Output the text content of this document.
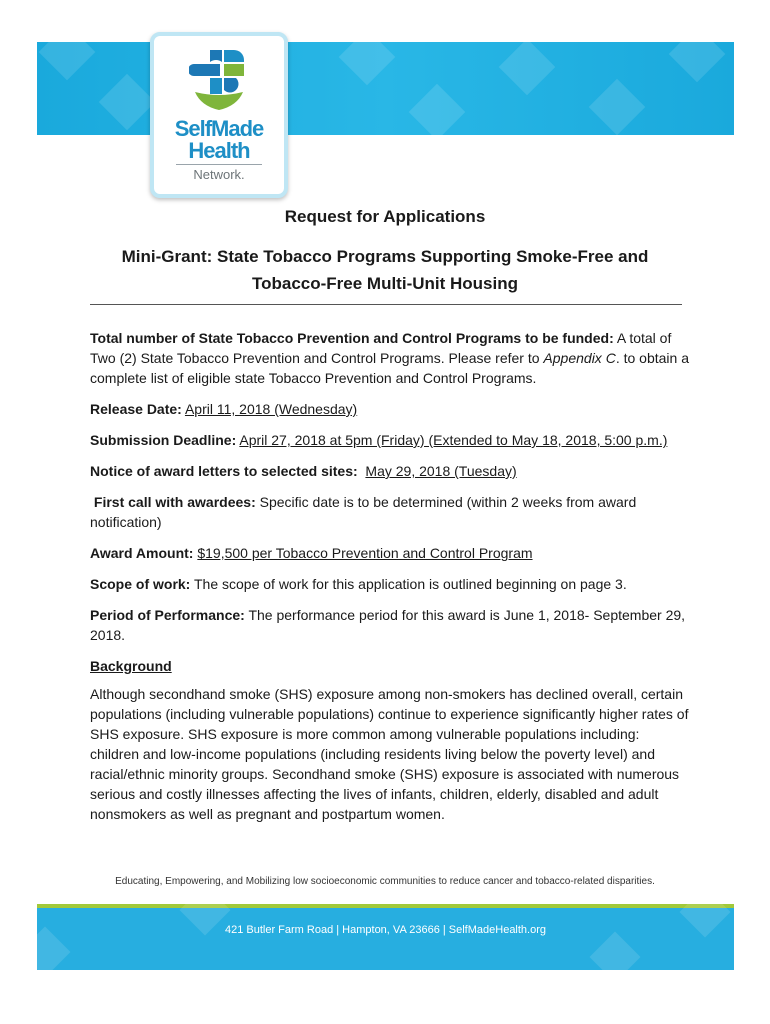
SelfMade
Health
Network.
Request for Applications
Mini-Grant: State Tobacco Programs Supporting Smoke-Free and
Tobacco-Free Multi-Unit Housing

Total number of State Tobacco Prevention and Control Programs to be funded: A total of Two (2) State Tobacco Prevention and Control Programs. Please refer to Appendix C. to obtain a complete list of eligible state Tobacco Prevention and Control Programs.

Release Date: April 11, 2018 (Wednesday)

Submission Deadline: April 27, 2018 at 5pm (Friday) (Extended to May 18, 2018, 5:00 p.m.)

Notice of award letters to selected sites: May 29, 2018 (Tuesday)

First call with awardees: Specific date is to be determined (within 2 weeks from award notification)

Award Amount: $19,500 per Tobacco Prevention and Control Program

Scope of work: The scope of work for this application is outlined beginning on page 3.

Period of Performance: The performance period for this award is June 1, 2018- September 29, 2018.

Background

Although secondhand smoke (SHS) exposure among non-smokers has declined overall, certain populations (including vulnerable populations) continue to experience significantly higher rates of SHS exposure. SHS exposure is more common among vulnerable populations including: children and low-income populations (including residents living below the poverty level) and racial/ethnic minority groups. Secondhand smoke (SHS) exposure is associated with numerous serious and costly illnesses affecting the lives of infants, children, elderly, disabled and adult nonsmokers as well as pregnant and postpartum women.

Educating, Empowering, and Mobilizing low socioeconomic communities to reduce cancer and tobacco-related disparities.
421 Butler Farm Road | Hampton, VA 23666 | SelfMadeHealth.org
